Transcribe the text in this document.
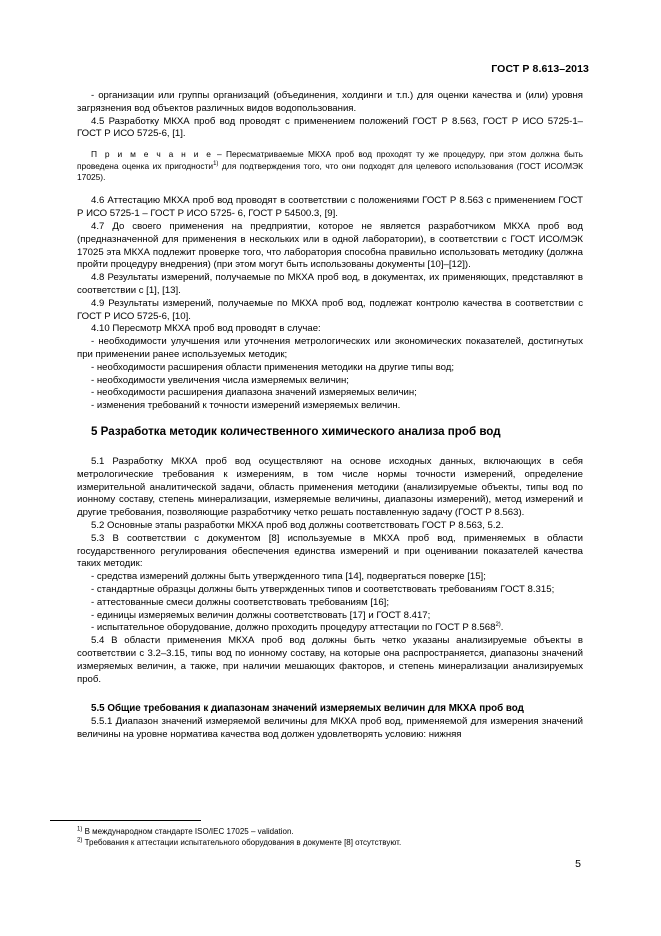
ГОСТ Р 8.613–2013

- организации или группы организаций (объединения, холдинги и т.п.) для оценки качества и (или) уровня загрязнения вод объектов различных видов водопользования.

4.5 Разработку МКХА проб вод проводят с применением положений ГОСТ Р 8.563, ГОСТ Р ИСО 5725-1– ГОСТ Р ИСО 5725-6, [1].

П р и м е ч а н и е – Пересматриваемые МКХА проб вод проходят ту же процедуру, при этом должна быть проведена оценка их пригодности$^{1)}$ для подтверждения того, что они подходят для целевого использования (ГОСТ ИСО/МЭК 17025).

4.6 Аттестацию МКХА проб вод проводят в соответствии с положениями ГОСТ Р 8.563 с применением ГОСТ Р ИСО 5725-1 – ГОСТ Р ИСО 5725- 6, ГОСТ Р 54500.3, [9].

4.7 До своего применения на предприятии, которое не является разработчиком МКХА проб вод (предназначенной для применения в нескольких или в одной лаборатории), в соответствии с ГОСТ ИСО/МЭК 17025 эта МКХА подлежит проверке того, что лаборатория способна правильно использовать методику (должна пройти процедуру внедрения) (при этом могут быть использованы документы [10]–[12]).

4.8 Результаты измерений, получаемые по МКХА проб вод, в документах, их применяющих, представляют в соответствии с [1], [13].

4.9 Результаты измерений, получаемые по МКХА проб вод, подлежат контролю качества в соответствии с ГОСТ Р ИСО 5725-6, [10].

4.10 Пересмотр МКХА проб вод проводят в случае:

- необходимости улучшения или уточнения метрологических или экономических показателей, достигнутых при применении ранее используемых методик;

- необходимости расширения области применения методики на другие типы вод;

- необходимости увеличения числа измеряемых величин;

- необходимости расширения диапазона значений измеряемых величин;

- изменения требований к точности измерений измеряемых величин.

5 Разработка методик количественного химического анализа проб вод

5.1 Разработку МКХА проб вод осуществляют на основе исходных данных, включающих в себя метрологические требования к измерениям, в том числе нормы точности измерений, определение измерительной аналитической задачи, область применения методики (анализируемые объекты, типы вод по ионному составу, степень минерализации, измеряемые величины, диапазоны измерений), метод измерений и другие требования, позволяющие разработчику четко решать поставленную задачу (ГОСТ Р 8.563).

5.2 Основные этапы разработки МКХА проб вод должны соответствовать ГОСТ Р 8.563, 5.2.

5.3 В соответствии с документом [8] используемые в МКХА проб вод, применяемых в области государственного регулирования обеспечения единства измерений и при оценивании показателей качества таких методик:

- средства измерений должны быть утвержденного типа [14], подвергаться поверке [15];

- стандартные образцы должны быть утвержденных типов и соответствовать требованиям ГОСТ 8.315;

- аттестованные смеси должны соответствовать требованиям [16];

- единицы измеряемых величин должны соответствовать [17] и ГОСТ 8.417;

- испытательное оборудование, должно проходить процедуру аттестации по ГОСТ Р 8.568$^{2)}$.

5.4 В области применения МКХА проб вод должны быть четко указаны анализируемые объекты в соответствии с 3.2–3.15, типы вод по ионному составу, на которые она распространяется, диапазоны значений измеряемых величин, а также, при наличии мешающих факторов, и степень минерализации анализируемых проб.

5.5 Общие требования к диапазонам значений измеряемых величин для МКХА проб вод

5.5.1 Диапазон значений измеряемой величины для МКХА проб вод, применяемой для измерения значений величины на уровне норматива качества вод должен удовлетворять условию: нижняя

$^{1)}$ В международном стандарте ISO/IEC 17025 – validation.
$^{2)}$ Требования к аттестации испытательного оборудования в документе [8] отсутствуют.
5
